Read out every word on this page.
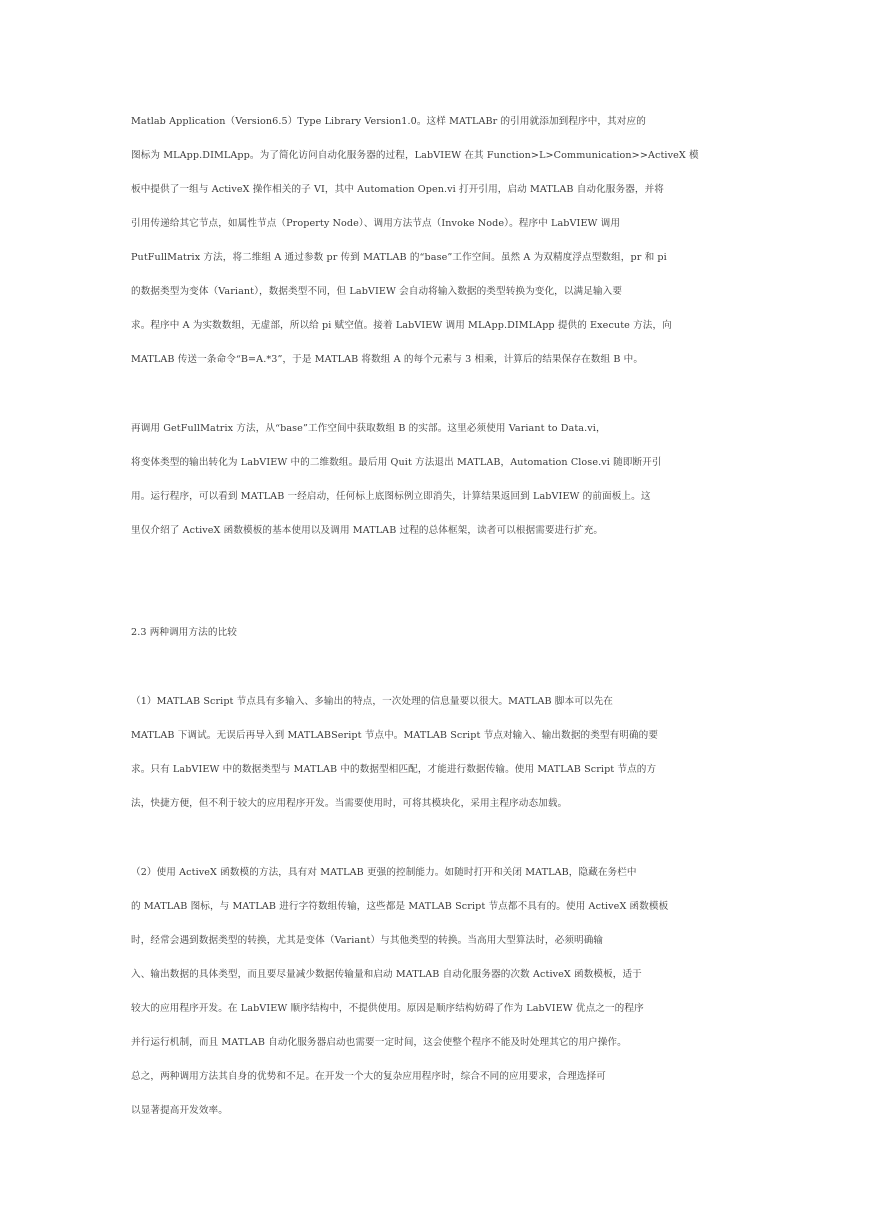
Matlab Application（Version6.5）Type Library Version1.0。这样 MATLABr 的引用就添加到程序中，其对应的
图标为 MLApp.DIMLApp。为了简化访问自动化服务器的过程，LabVIEW 在其 Function>L>Communication>>ActiveX 模
板中提供了一组与 ActiveX 操作相关的子 VI，其中 Automation Open.vi 打开引用，启动 MATLAB 自动化服务器，并将
引用传递给其它节点，如属性节点（Property Node）、调用方法节点（Invoke Node）。程序中 LabVIEW 调用
PutFullMatrix 方法，将二维组 A 通过参数 pr 传到 MATLAB 的“base”工作空间。虽然 A 为双精度浮点型数组，pr 和 pi
的数据类型为变体（Variant），数据类型不同，但 LabVIEW 会自动将输入数据的类型转换为变化，以满足输入要
求。程序中 A 为实数数组，无虚部，所以给 pi 赋空值。接着 LabVIEW 调用 MLApp.DIMLApp 提供的 Execute 方法，向
MATLAB 传送一条命令“B=A.*3”，于是 MATLAB 将数组 A 的每个元素与 3 相乘，计算后的结果保存在数组 B 中。
再调用 GetFullMatrix 方法，从“base”工作空间中获取数组 B 的实部。这里必须使用 Variant to Data.vi，
将变体类型的输出转化为 LabVIEW 中的二维数组。最后用 Quit 方法退出 MATLAB，Automation Close.vi 随即断开引
用。运行程序，可以看到 MATLAB 一经启动，任何标上底图标例立即消失，计算结果返回到 LabVIEW 的前面板上。这
里仅介绍了 ActiveX 函数模板的基本使用以及调用 MATLAB 过程的总体框架，读者可以根据需要进行扩充。
2.3 两种调用方法的比较
（1）MATLAB Script 节点具有多输入、多输出的特点，一次处理的信息量要以很大。MATLAB 脚本可以先在
MATLAB 下调试。无误后再导入到 MATLABSeript 节点中。MATLAB Script 节点对输入、输出数据的类型有明确的要
求。只有 LabVIEW 中的数据类型与 MATLAB 中的数据型相匹配，才能进行数据传输。使用 MATLAB Script 节点的方
法，快捷方便，但不利于较大的应用程序开发。当需要使用时，可将其模块化，采用主程序动态加载。
（2）使用 ActiveX 函数模的方法，具有对 MATLAB 更强的控制能力。如随时打开和关闭 MATLAB，隐藏在务栏中
的 MATLAB 图标，与 MATLAB 进行字符数组传输，这些都是 MATLAB Script 节点都不具有的。使用 ActiveX 函数模板
时，经常会遇到数据类型的转换，尤其是变体（Variant）与其他类型的转换。当高用大型算法时，必须明确输
入、输出数据的具体类型，而且要尽量减少数据传输量和启动 MATLAB 自动化服务器的次数 ActiveX 函数模板，适于
较大的应用程序开发。在 LabVIEW 顺序结构中，不提供使用。原因是顺序结构妨碍了作为 LabVIEW 优点之一的程序
并行运行机制，而且 MATLAB 自动化服务器启动也需要一定时间，这会使整个程序不能及时处理其它的用户操作。
总之，两种调用方法其自身的优势和不足。在开发一个大的复杂应用程序时，综合不同的应用要求，合理选择可
以显著提高开发效率。
